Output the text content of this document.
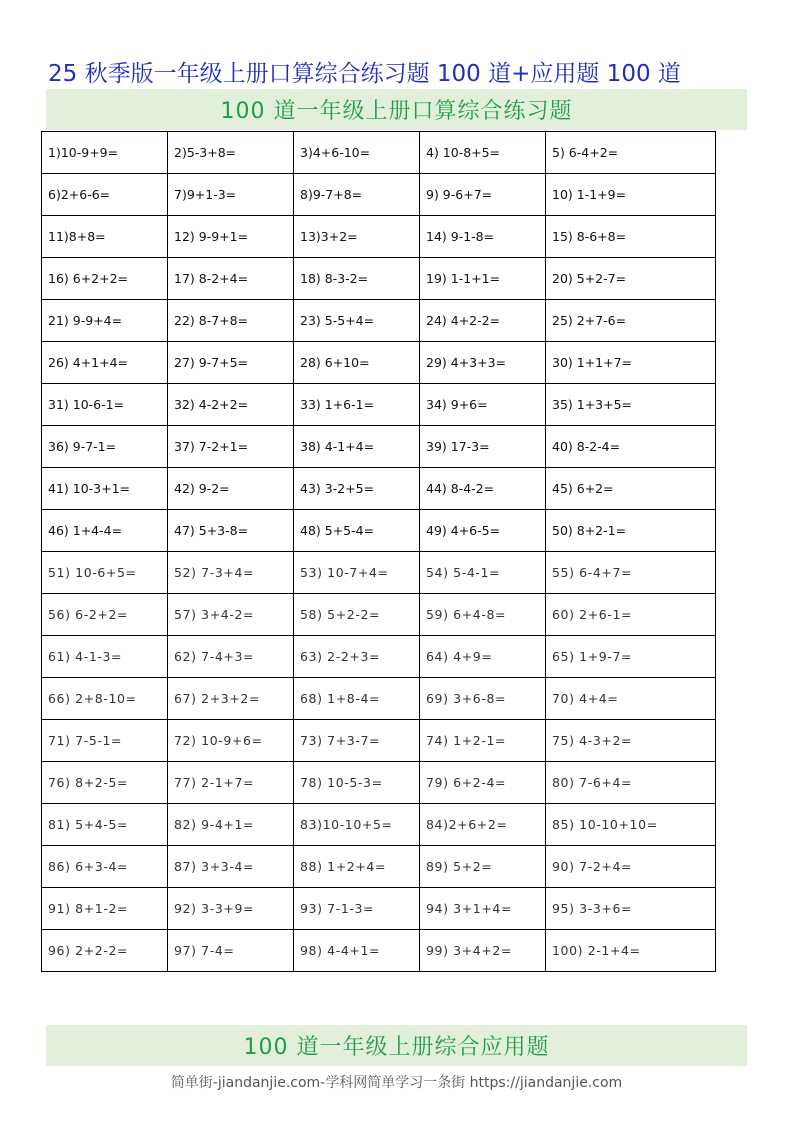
25 秋季版一年级上册口算综合练习题 100 道+应用题 100 道
100 道一年级上册口算综合练习题
1)10-9+9=	2)5-3+8=	3)4+6-10=	4) 10-8+5=	5) 6-4+2=
6)2+6-6=	7)9+1-3=	8)9-7+8=	9) 9-6+7=	10) 1-1+9=
11)8+8=	12) 9-9+1=	13)3+2=	14) 9-1-8=	15) 8-6+8=
16) 6+2+2=	17) 8-2+4=	18) 8-3-2=	19) 1-1+1=	20) 5+2-7=
21) 9-9+4=	22) 8-7+8=	23) 5-5+4=	24) 4+2-2=	25) 2+7-6=
26) 4+1+4=	27) 9-7+5=	28) 6+10=	29) 4+3+3=	30) 1+1+7=
31) 10-6-1=	32) 4-2+2=	33) 1+6-1=	34) 9+6=	35) 1+3+5=
36) 9-7-1=	37) 7-2+1=	38) 4-1+4=	39) 17-3=	40) 8-2-4=
41) 10-3+1=	42) 9-2=	43) 3-2+5=	44) 8-4-2=	45) 6+2=
46) 1+4-4=	47) 5+3-8=	48) 5+5-4=	49) 4+6-5=	50) 8+2-1=
51) 10-6+5=	52) 7-3+4=	53) 10-7+4=	54) 5-4-1=	55) 6-4+7=
56) 6-2+2=	57) 3+4-2=	58) 5+2-2=	59) 6+4-8=	60) 2+6-1=
61) 4-1-3=	62) 7-4+3=	63) 2-2+3=	64) 4+9=	65) 1+9-7=
66) 2+8-10=	67) 2+3+2=	68) 1+8-4=	69) 3+6-8=	70) 4+4=
71) 7-5-1=	72) 10-9+6=	73) 7+3-7=	74) 1+2-1=	75) 4-3+2=
76) 8+2-5=	77) 2-1+7=	78) 10-5-3=	79) 6+2-4=	80) 7-6+4=
81) 5+4-5=	82) 9-4+1=	83)10-10+5=	84)2+6+2=	85) 10-10+10=
86) 6+3-4=	87) 3+3-4=	88) 1+2+4=	89) 5+2=	90) 7-2+4=
91) 8+1-2=	92) 3-3+9=	93) 7-1-3=	94) 3+1+4=	95) 3-3+6=
96) 2+2-2=	97) 7-4=	98) 4-4+1=	99) 3+4+2=	100) 2-1+4=
100 道一年级上册综合应用题
简单街-jiandanjie.com-学科网简单学习一条街 https://jiandanjie.com
